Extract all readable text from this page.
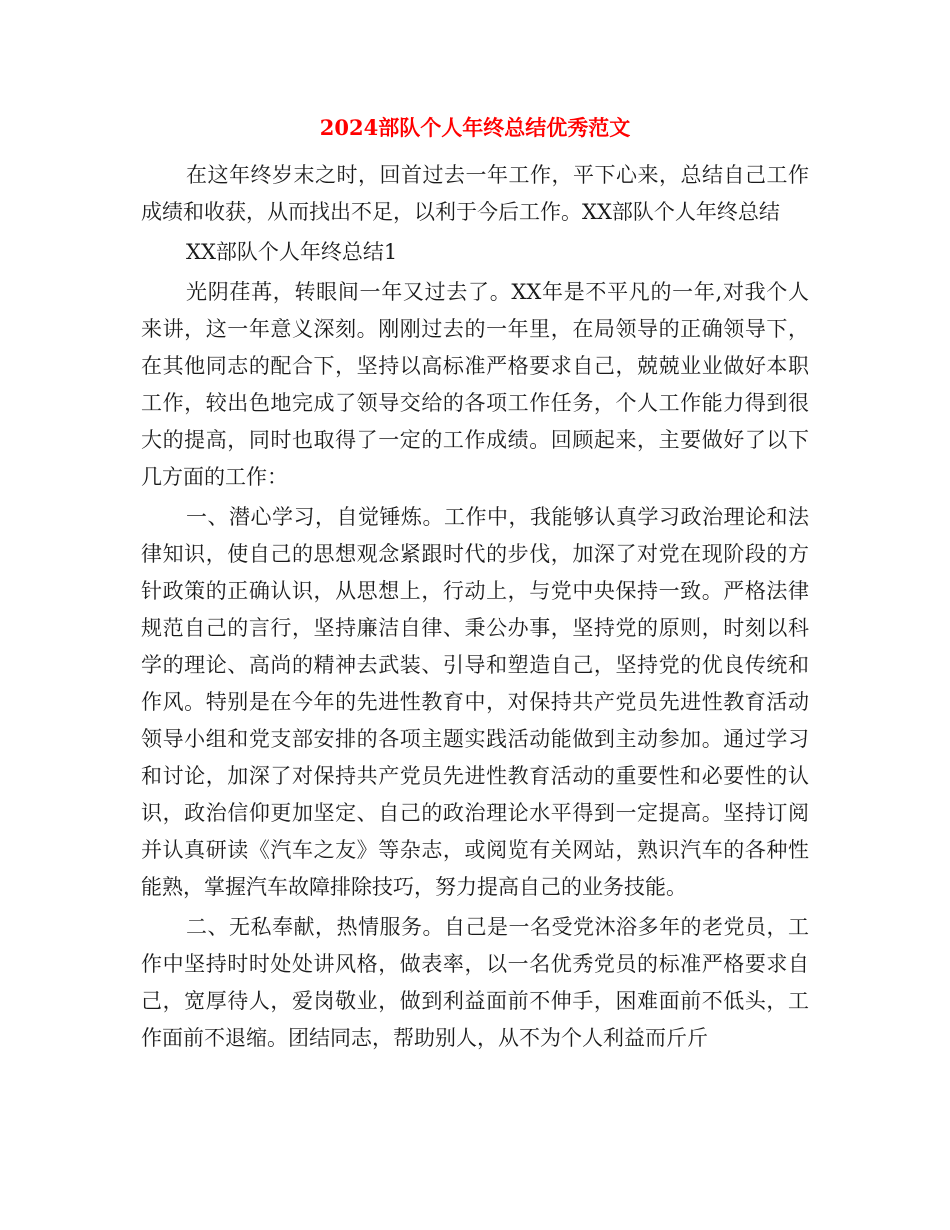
2024部队个人年终总结优秀范文

在这年终岁末之时，回首过去一年工作，平下心来，总结自己工作成绩和收获，从而找出不足，以利于今后工作。XX部队个人年终总结

XX部队个人年终总结1

光阴荏苒，转眼间一年又过去了。XX年是不平凡的一年,对我个人来讲，这一年意义深刻。刚刚过去的一年里，在局领导的正确领导下，在其他同志的配合下，坚持以高标准严格要求自己，兢兢业业做好本职工作，较出色地完成了领导交给的各项工作任务，个人工作能力得到很大的提高，同时也取得了一定的工作成绩。回顾起来，主要做好了以下几方面的工作：

一、潜心学习，自觉锤炼。工作中，我能够认真学习政治理论和法律知识，使自己的思想观念紧跟时代的步伐，加深了对党在现阶段的方针政策的正确认识，从思想上，行动上，与党中央保持一致。严格法律规范自己的言行，坚持廉洁自律、秉公办事，坚持党的原则，时刻以科学的理论、高尚的精神去武装、引导和塑造自己，坚持党的优良传统和作风。特别是在今年的先进性教育中，对保持共产党员先进性教育活动领导小组和党支部安排的各项主题实践活动能做到主动参加。通过学习和讨论，加深了对保持共产党员先进性教育活动的重要性和必要性的认识，政治信仰更加坚定、自己的政治理论水平得到一定提高。坚持订阅并认真研读《汽车之友》等杂志，或阅览有关网站，熟识汽车的各种性能熟，掌握汽车故障排除技巧，努力提高自己的业务技能。

二、无私奉献，热情服务。自己是一名受党沐浴多年的老党员，工作中坚持时时处处讲风格，做表率，以一名优秀党员的标准严格要求自己，宽厚待人，爱岗敬业，做到利益面前不伸手，困难面前不低头，工作面前不退缩。团结同志，帮助别人，从不为个人利益而斤斤
